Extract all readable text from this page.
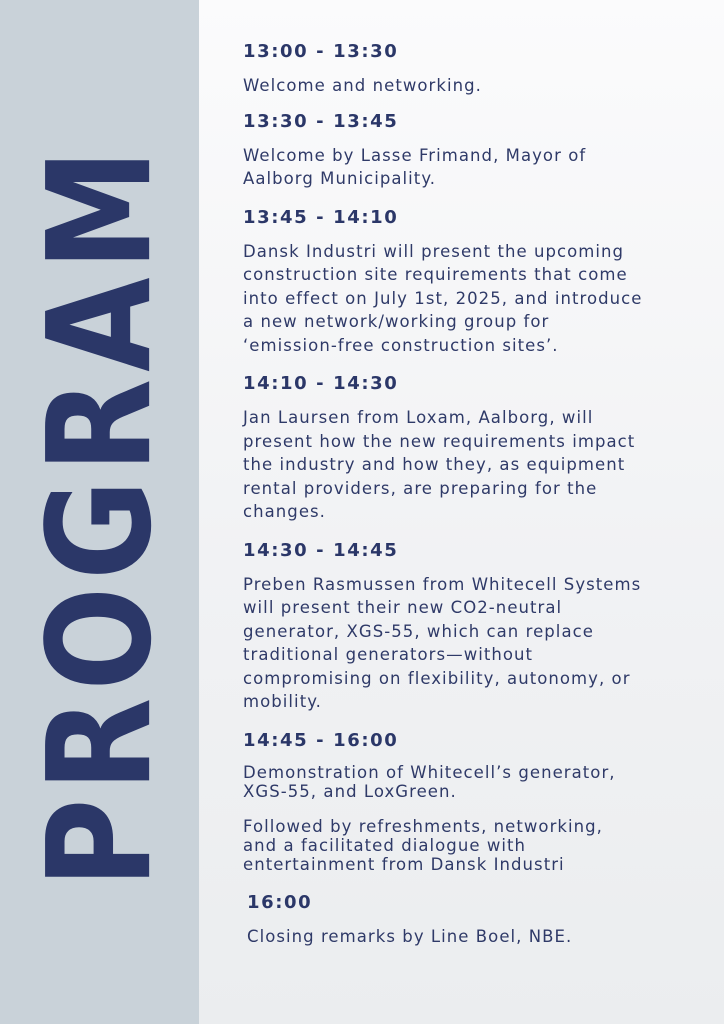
PROGRAM
13:00 - 13:30
Welcome and networking.
13:30 - 13:45
Welcome by Lasse Frimand, Mayor of
Aalborg Municipality.
13:45 - 14:10
Dansk Industri will present the upcoming
construction site requirements that come
into effect on July 1st, 2025, and introduce
a new network/working group for
‘emission-free construction sites’.
14:10 - 14:30
Jan Laursen from Loxam, Aalborg, will
present how the new requirements impact
the industry and how they, as equipment
rental providers, are preparing for the
changes.
14:30 - 14:45
Preben Rasmussen from Whitecell Systems
will present their new CO2-neutral
generator, XGS-55, which can replace
traditional generators—without
compromising on flexibility, autonomy, or
mobility.
14:45 - 16:00
Demonstration of Whitecell’s generator,
XGS-55, and LoxGreen.
Followed by refreshments, networking,
and a facilitated dialogue with
entertainment from Dansk Industri
16:00
Closing remarks by Line Boel, NBE.
